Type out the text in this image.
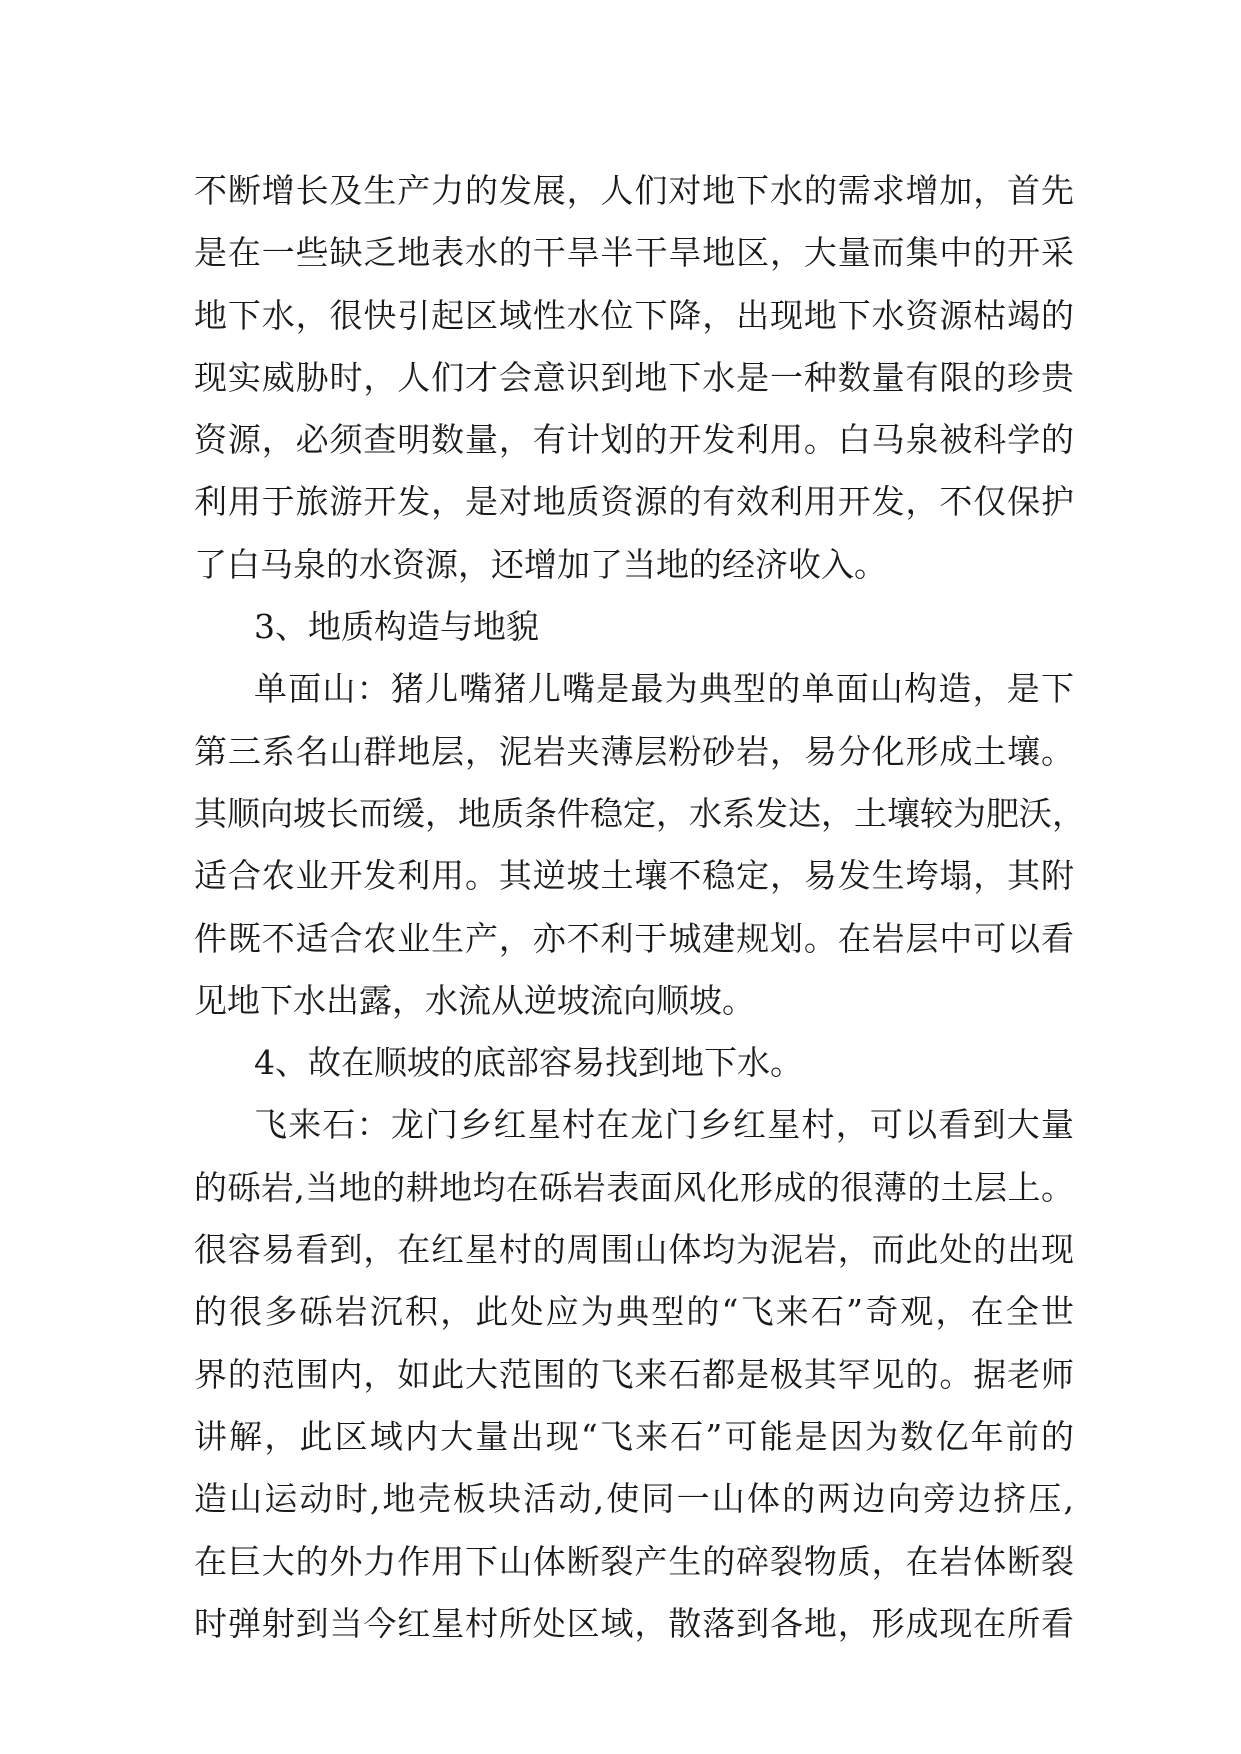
不断增长及生产力的发展，人们对地下水的需求增加，首先
是在一些缺乏地表水的干旱半干旱地区，大量而集中的开采
地下水，很快引起区域性水位下降，出现地下水资源枯竭的
现实威胁时，人们才会意识到地下水是一种数量有限的珍贵
资源，必须查明数量，有计划的开发利用。白马泉被科学的
利用于旅游开发，是对地质资源的有效利用开发，不仅保护
了白马泉的水资源，还增加了当地的经济收入。
3、地质构造与地貌
单面山：猪儿嘴猪儿嘴是最为典型的单面山构造，是下
第三系名山群地层，泥岩夹薄层粉砂岩，易分化形成土壤。
其顺向坡长而缓，地质条件稳定，水系发达，土壤较为肥沃，
适合农业开发利用。其逆坡土壤不稳定，易发生垮塌，其附
件既不适合农业生产，亦不利于城建规划。在岩层中可以看
见地下水出露，水流从逆坡流向顺坡。
4、故在顺坡的底部容易找到地下水。
飞来石：龙门乡红星村在龙门乡红星村，可以看到大量
的砾岩,当地的耕地均在砾岩表面风化形成的很薄的土层上。
很容易看到，在红星村的周围山体均为泥岩，而此处的出现
的很多砾岩沉积，此处应为典型的“飞来石”奇观，在全世
界的范围内，如此大范围的飞来石都是极其罕见的。据老师
讲解，此区域内大量出现“飞来石”可能是因为数亿年前的
造山运动时,地壳板块活动,使同一山体的两边向旁边挤压,
在巨大的外力作用下山体断裂产生的碎裂物质，在岩体断裂
时弹射到当今红星村所处区域，散落到各地，形成现在所看
